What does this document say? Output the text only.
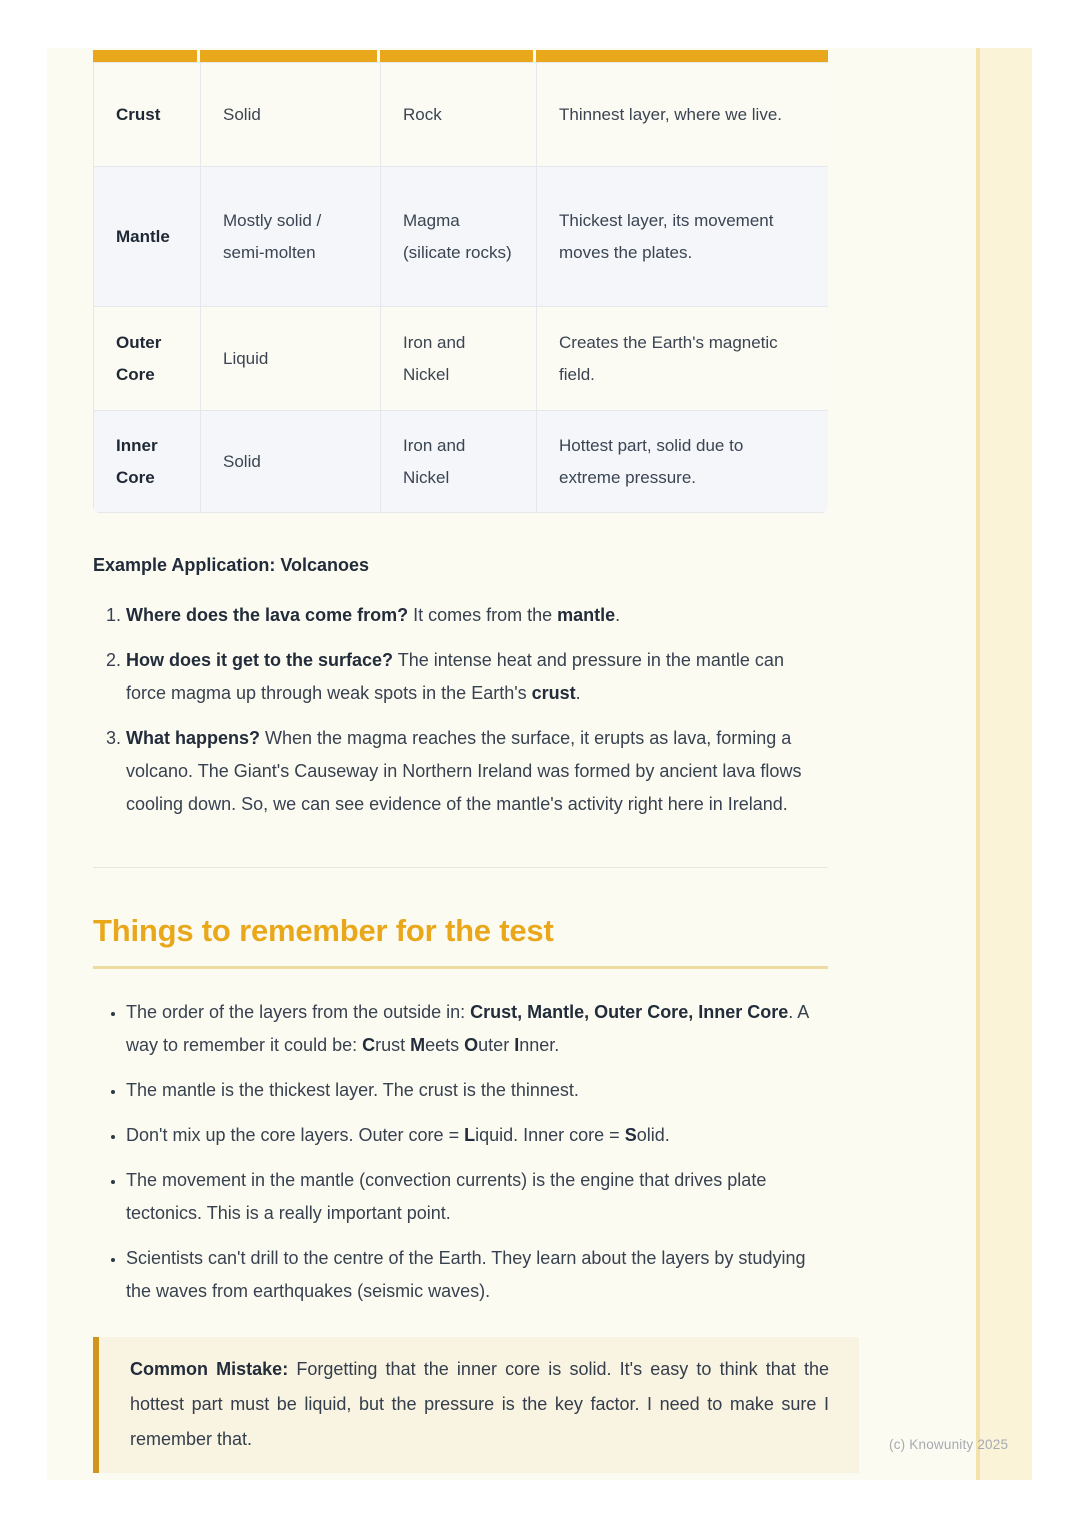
Crust	Solid	Rock	Thinnest layer, where we live.
Mantle	Mostly solid / semi-molten	Magma (silicate rocks)	Thickest layer, its movement moves the plates.
Outer Core	Liquid	Iron and Nickel	Creates the Earth's magnetic field.
Inner Core	Solid	Iron and Nickel	Hottest part, solid due to extreme pressure.
Example Application: Volcanoes
1. Where does the lava come from? It comes from the mantle.
2. How does it get to the surface? The intense heat and pressure in the mantle can force magma up through weak spots in the Earth's crust.
3. What happens? When the magma reaches the surface, it erupts as lava, forming a volcano. The Giant's Causeway in Northern Ireland was formed by ancient lava flows cooling down. So, we can see evidence of the mantle's activity right here in Ireland.
Things to remember for the test
• The order of the layers from the outside in: Crust, Mantle, Outer Core, Inner Core. A way to remember it could be: Crust Meets Outer Inner.
• The mantle is the thickest layer. The crust is the thinnest.
• Don't mix up the core layers. Outer core = Liquid. Inner core = Solid.
• The movement in the mantle (convection currents) is the engine that drives plate tectonics. This is a really important point.
• Scientists can't drill to the centre of the Earth. They learn about the layers by studying the waves from earthquakes (seismic waves).

Common Mistake: Forgetting that the inner core is solid. It's easy to think that the hottest part must be liquid, but the pressure is the key factor. I need to make sure I remember that.	(c) Knowunity 2025
